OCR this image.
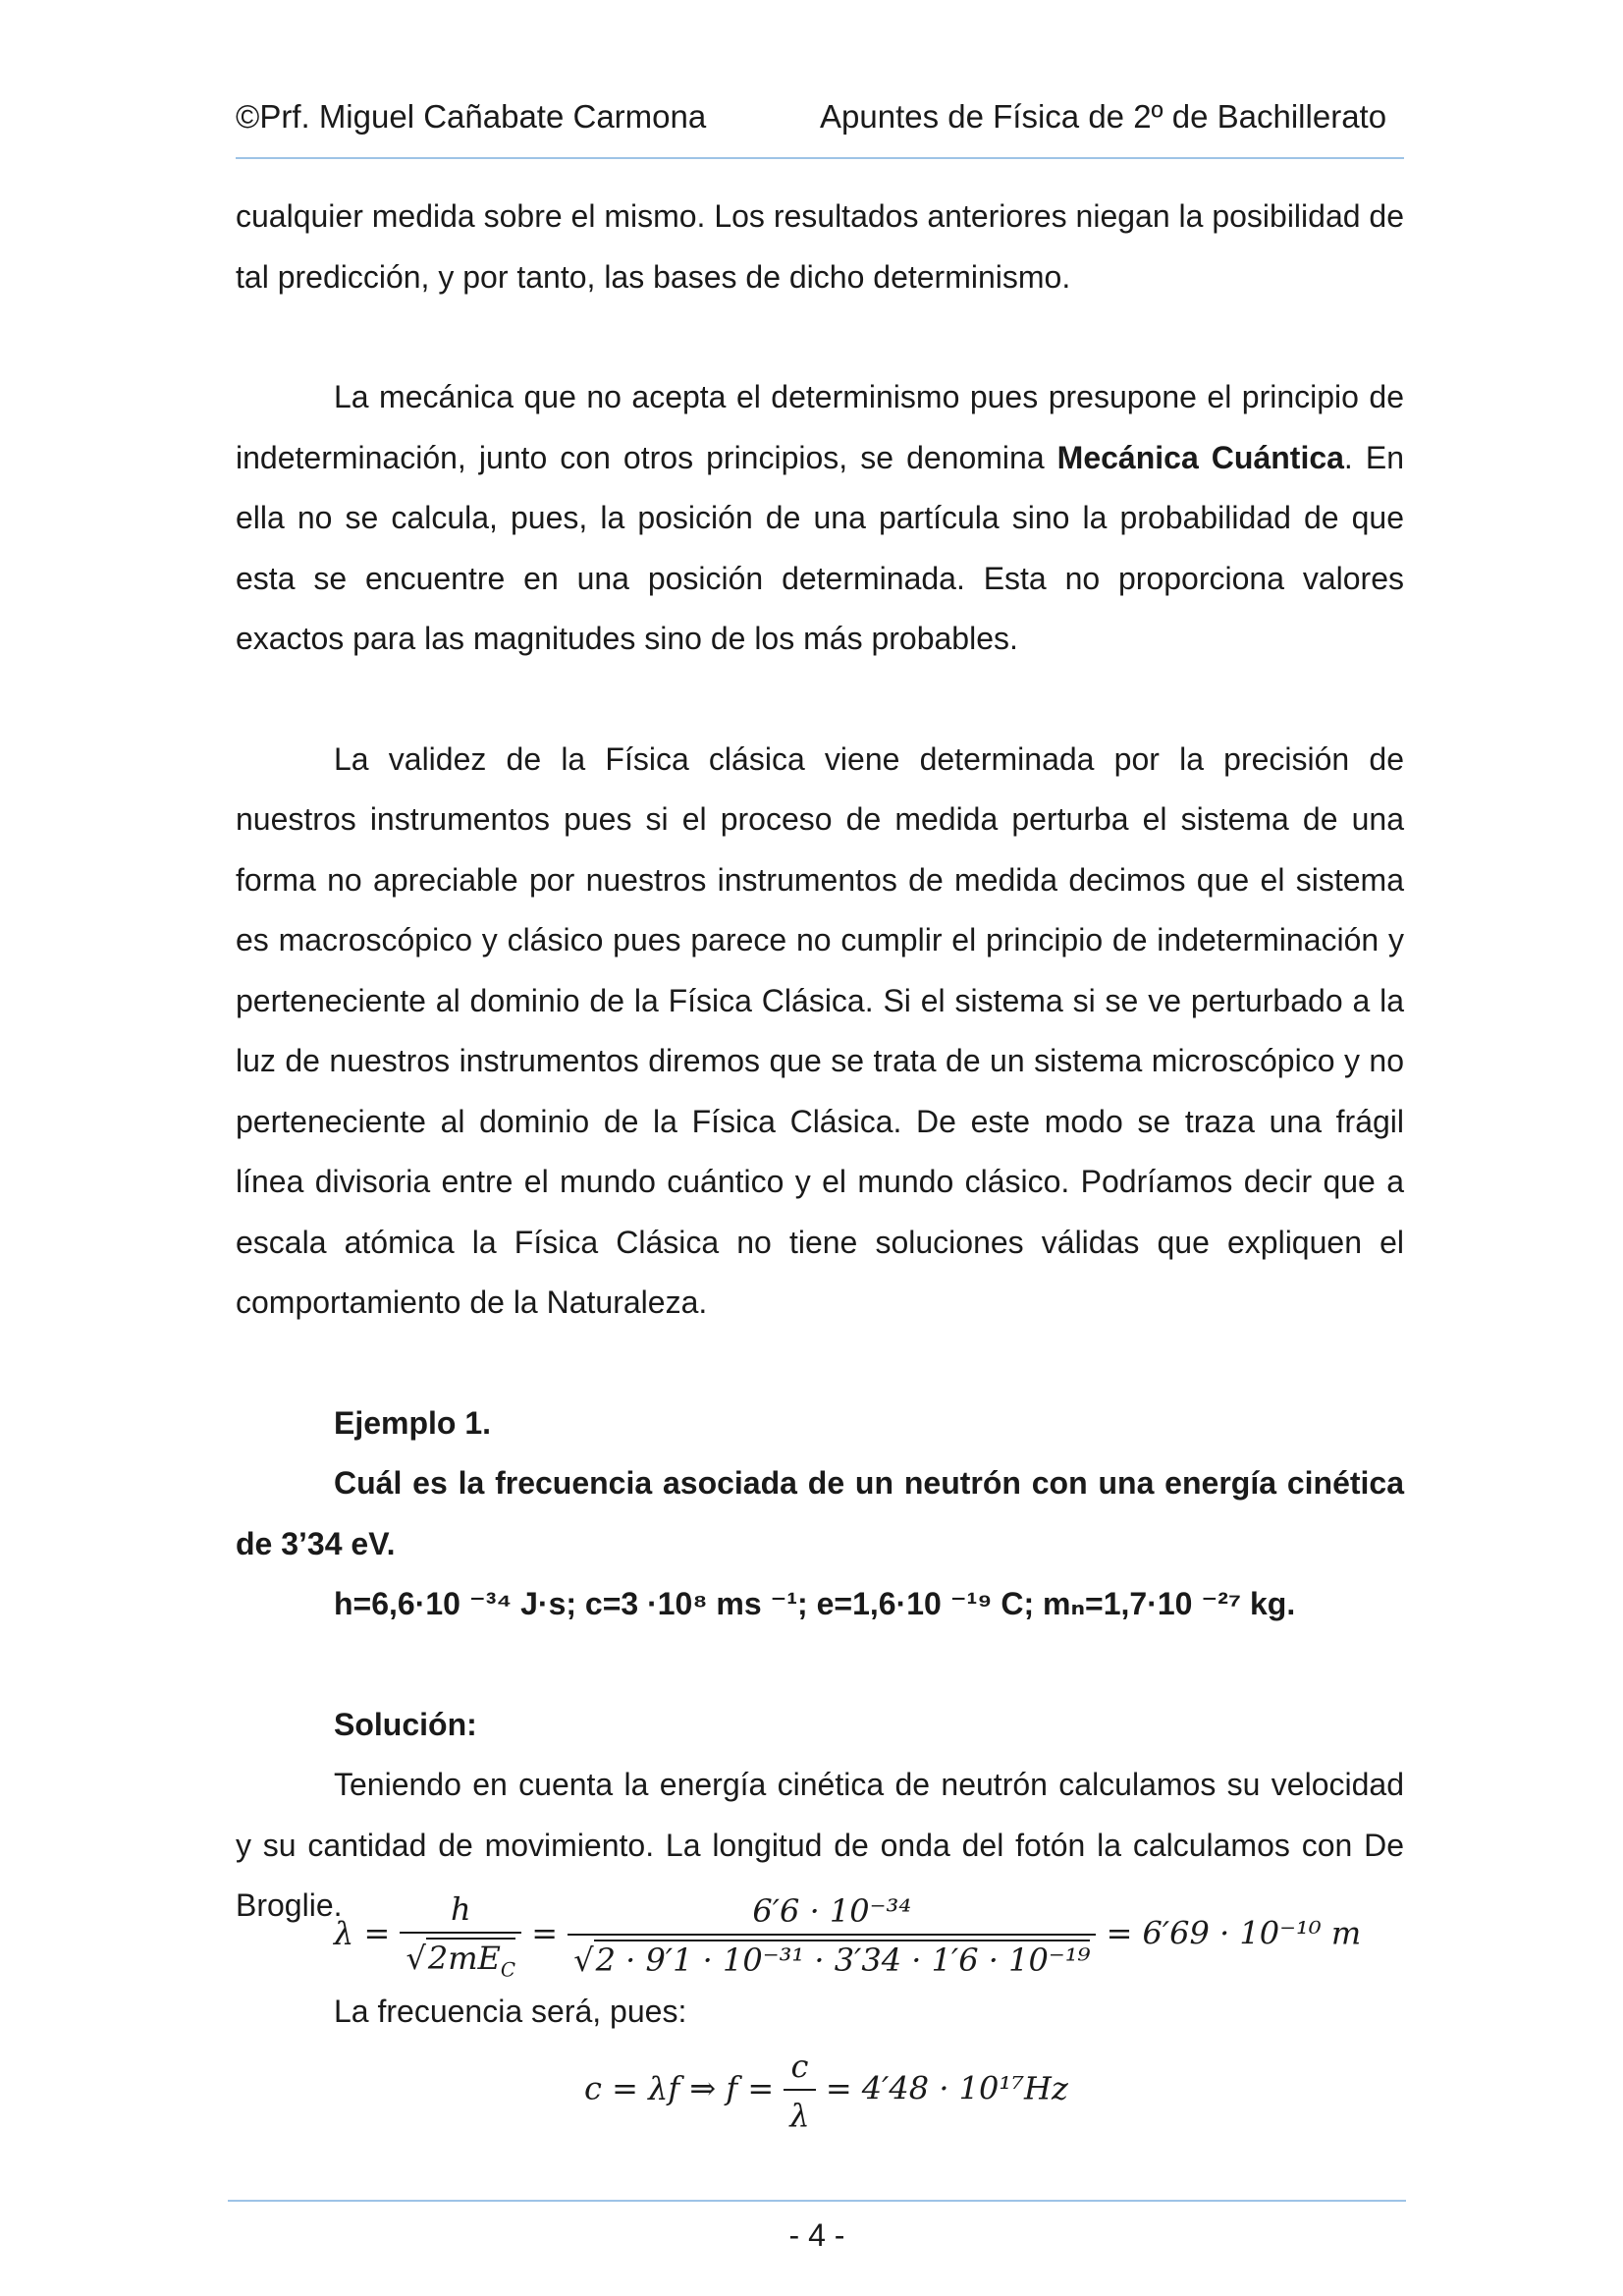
©Prf. Miguel Cañabate Carmona	Apuntes de Física de 2º de Bachillerato

cualquier medida sobre el mismo. Los resultados anteriores niegan la posibilidad de tal predicción, y por tanto, las bases de dicho determinismo.

La mecánica que no acepta el determinismo pues presupone el principio de indeterminación, junto con otros principios, se denomina Mecánica Cuántica. En ella no se calcula, pues, la posición de una partícula sino la probabilidad de que esta se encuentre en una posición determinada. Esta no proporciona valores exactos para las magnitudes sino de los más probables.

La validez de la Física clásica viene determinada por la precisión de nuestros instrumentos pues si el proceso de medida perturba el sistema de una forma no apreciable por nuestros instrumentos de medida decimos que el sistema es macroscópico y clásico pues parece no cumplir el principio de indeterminación y perteneciente al dominio de la Física Clásica. Si el sistema si se ve perturbado a la luz de nuestros instrumentos diremos que se trata de un sistema microscópico y no perteneciente al dominio de la Física Clásica. De este modo se traza una frágil línea divisoria entre el mundo cuántico y el mundo clásico. Podríamos decir que a escala atómica la Física Clásica no tiene soluciones válidas que expliquen el comportamiento de la Naturaleza.

Ejemplo 1.

Cuál es la frecuencia asociada de un neutrón con una energía cinética de 3’34 eV.

h=6,6·10 ⁻³⁴ J·s; c=3 ·10⁸ ms ⁻¹; e=1,6·10 ⁻¹⁹ C; mₙ=1,7·10 ⁻²⁷ kg.

Solución:

Teniendo en cuenta la energía cinética de neutrón calculamos su velocidad y su cantidad de movimiento. La longitud de onda del fotón la calculamos con De Broglie.

$\lambda = \frac{h}{√2mE_C} = \frac{\text{6′6 · 10⁻³⁴}}{\text{√2 · 9′1 · 10⁻³¹ · 3′34 · 1′6 · 10⁻¹⁹}} = 6'69 \cdot 10^{-10}$ m
La frecuencia será, pues:
c = λf ⇒ $f = \frac{c}{\lambda} = 4'48 \cdot 10^{17}Hz$
- 4 -
